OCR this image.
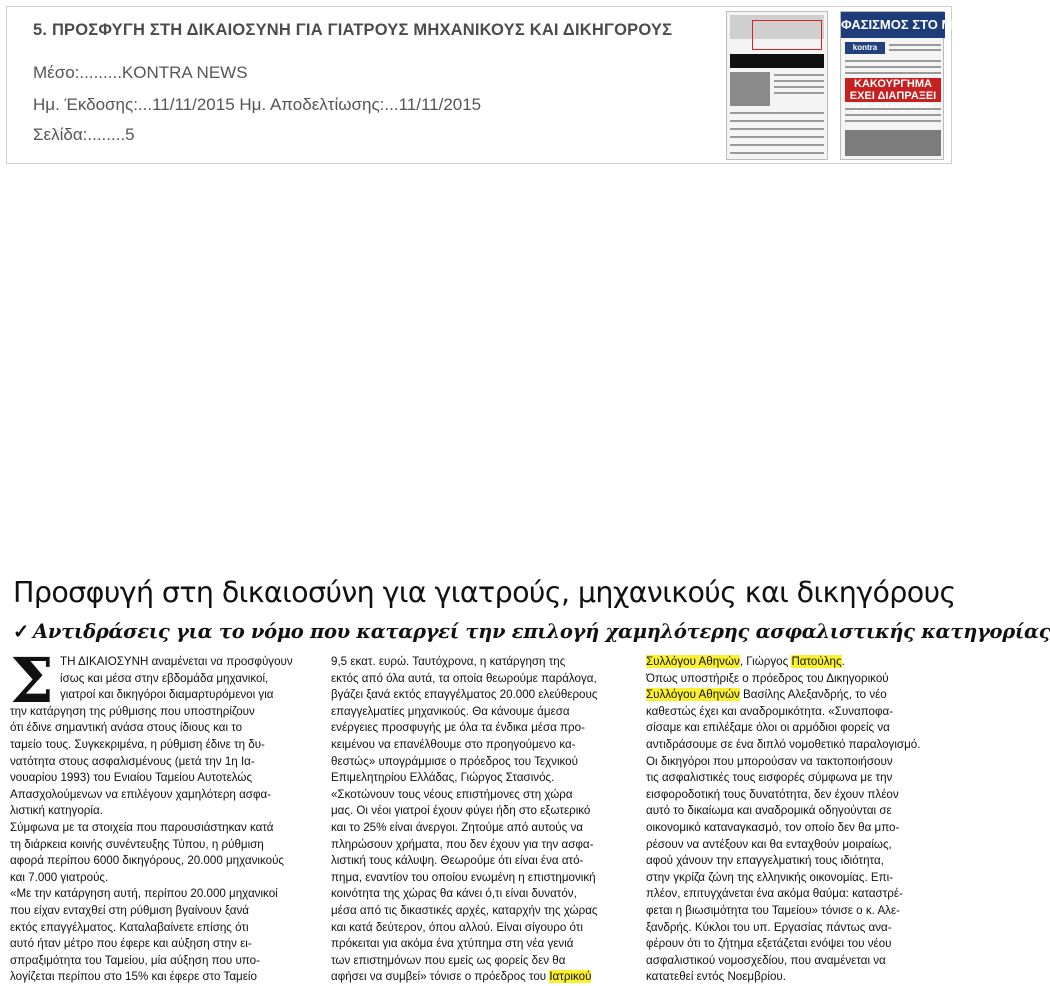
5. ΠΡΟΣΦΥΓΗ ΣΤΗ ΔΙΚΑΙΟΣΥΝΗ ΓΙΑ ΓΙΑΤΡΟΥΣ ΜΗΧΑΝΙΚΟΥΣ ΚΑΙ ΔΙΚΗΓΟΡΟΥΣ
Μέσο:.........KONTRA NEWS
Ημ. Έκδοσης:...11/11/2015 Ημ. Αποδελτίωσης:...11/11/2015
Σελίδα:........5
ΦΑΣΙΣΜΟΣ ΣΤΟ MEGA
kontra
ΚΑΚΟΥΡΓΗΜΑ ΕΧΕΙ ΔΙΑΠΡΑΞΕΙ
Προσφυγή στη δικαιοσύνη για γιατρούς, μηχανικούς και δικηγόρους
✓ Αντιδράσεις για το νόμο που καταργεί την επιλογή χαμηλότερης ασφαλιστικής κατηγορίας
Σ ΤΗ ΔΙΚΑΙΟΣΥΝΗ αναμένεται να προσφύγουν
ίσως και μέσα στην εβδομάδα μηχανικοί,
γιατροί και δικηγόροι διαμαρτυρόμενοι για
την κατάργηση της ρύθμισης που υποστηρίζουν
ότι έδινε σημαντική ανάσα στους ίδιους και το
ταμείο τους. Συγκεκριμένα, η ρύθμιση έδινε τη δυ-
νατότητα στους ασφαλισμένους (μετά την 1η Ια-
νουαρίου 1993) του Ενιαίου Ταμείου Αυτοτελώς
Απασχολούμενων να επιλέγουν χαμηλότερη ασφα-
λιστική κατηγορία.
Σύμφωνα με τα στοιχεία που παρουσιάστηκαν κατά
τη διάρκεια κοινής συνέντευξης Τύπου, η ρύθμιση
αφορά περίπου 6000 δικηγόρους, 20.000 μηχανικούς
και 7.000 γιατρούς.
«Με την κατάργηση αυτή, περίπου 20.000 μηχανικοί
που είχαν ενταχθεί στη ρύθμιση βγαίνουν ξανά
εκτός επαγγέλματος. Καταλαβαίνετε επίσης ότι
αυτό ήταν μέτρο που έφερε και αύξηση στην ει-
σπραξιμότητα του Ταμείου, μία αύξηση που υπο-
λογίζεται περίπου στο 15% και έφερε στο Ταμείο
9,5 εκατ. ευρώ. Ταυτόχρονα, η κατάργηση της
εκτός από όλα αυτά, τα οποία θεωρούμε παράλογα,
βγάζει ξανά εκτός επαγγέλματος 20.000 ελεύθερους
επαγγελματίες μηχανικούς. Θα κάνουμε άμεσα
ενέργειες προσφυγής με όλα τα ένδικα μέσα προ-
κειμένου να επανέλθουμε στο προηγούμενο κα-
θεστώς» υπογράμμισε ο πρόεδρος του Τεχνικού
Επιμελητηρίου Ελλάδας, Γιώργος Στασινός.
«Σκοτώνουν τους νέους επιστήμονες στη χώρα
μας. Οι νέοι γιατροί έχουν φύγει ήδη στο εξωτερικό
και το 25% είναι άνεργοι. Ζητούμε από αυτούς να
πληρώσουν χρήματα, που δεν έχουν για την ασφα-
λιστική τους κάλυψη. Θεωρούμε ότι είναι ένα ατό-
πημα, εναντίον του οποίου ενωμένη η επιστημονική
κοινότητα της χώρας θα κάνει ό,τι είναι δυνατόν,
μέσα από τις δικαστικές αρχές, καταρχήν της χώρας
και κατά δεύτερον, όπου αλλού. Είναι σίγουρο ότι
πρόκειται για ακόμα ένα χτύπημα στη νέα γενιά
των επιστημόνων που εμείς ως φορείς δεν θα
αφήσει να συμβεί» τόνισε ο πρόεδρος του Ιατρικού
Συλλόγου Αθηνών, Γιώργος Πατούλης.
Όπως υποστήριξε ο πρόεδρος του Δικηγορικού
Συλλόγου Αθηνών Βασίλης Αλεξανδρής, το νέο
καθεστώς έχει και αναδρομικότητα. «Συναποφα-
σίσαμε και επιλέξαμε όλοι οι αρμόδιοι φορείς να
αντιδράσουμε σε ένα διπλό νομοθετικό παραλογισμό.
Οι δικηγόροι που μπορούσαν να τακτοποιήσουν
τις ασφαλιστικές τους εισφορές σύμφωνα με την
εισφοροδοτική τους δυνατότητα, δεν έχουν πλέον
αυτό το δικαίωμα και αναδρομικά οδηγούνται σε
οικονομικό καταναγκασμό, τον οποίο δεν θα μπο-
ρέσουν να αντέξουν και θα ενταχθούν μοιραίως,
αφού χάνουν την επαγγελματική τους ιδιότητα,
στην γκρίζα ζώνη της ελληνικής οικονομίας. Επι-
πλέον, επιτυγχάνεται ένα ακόμα θαύμα: καταστρέ-
φεται η βιωσιμότητα του Ταμείου» τόνισε ο κ. Αλε-
ξανδρής. Κύκλοι του υπ. Εργασίας πάντως ανα-
φέρουν ότι το ζήτημα εξετάζεται ενόψει του νέου
ασφαλιστικού νομοσχεδίου, που αναμένεται να
κατατεθεί εντός Νοεμβρίου.
